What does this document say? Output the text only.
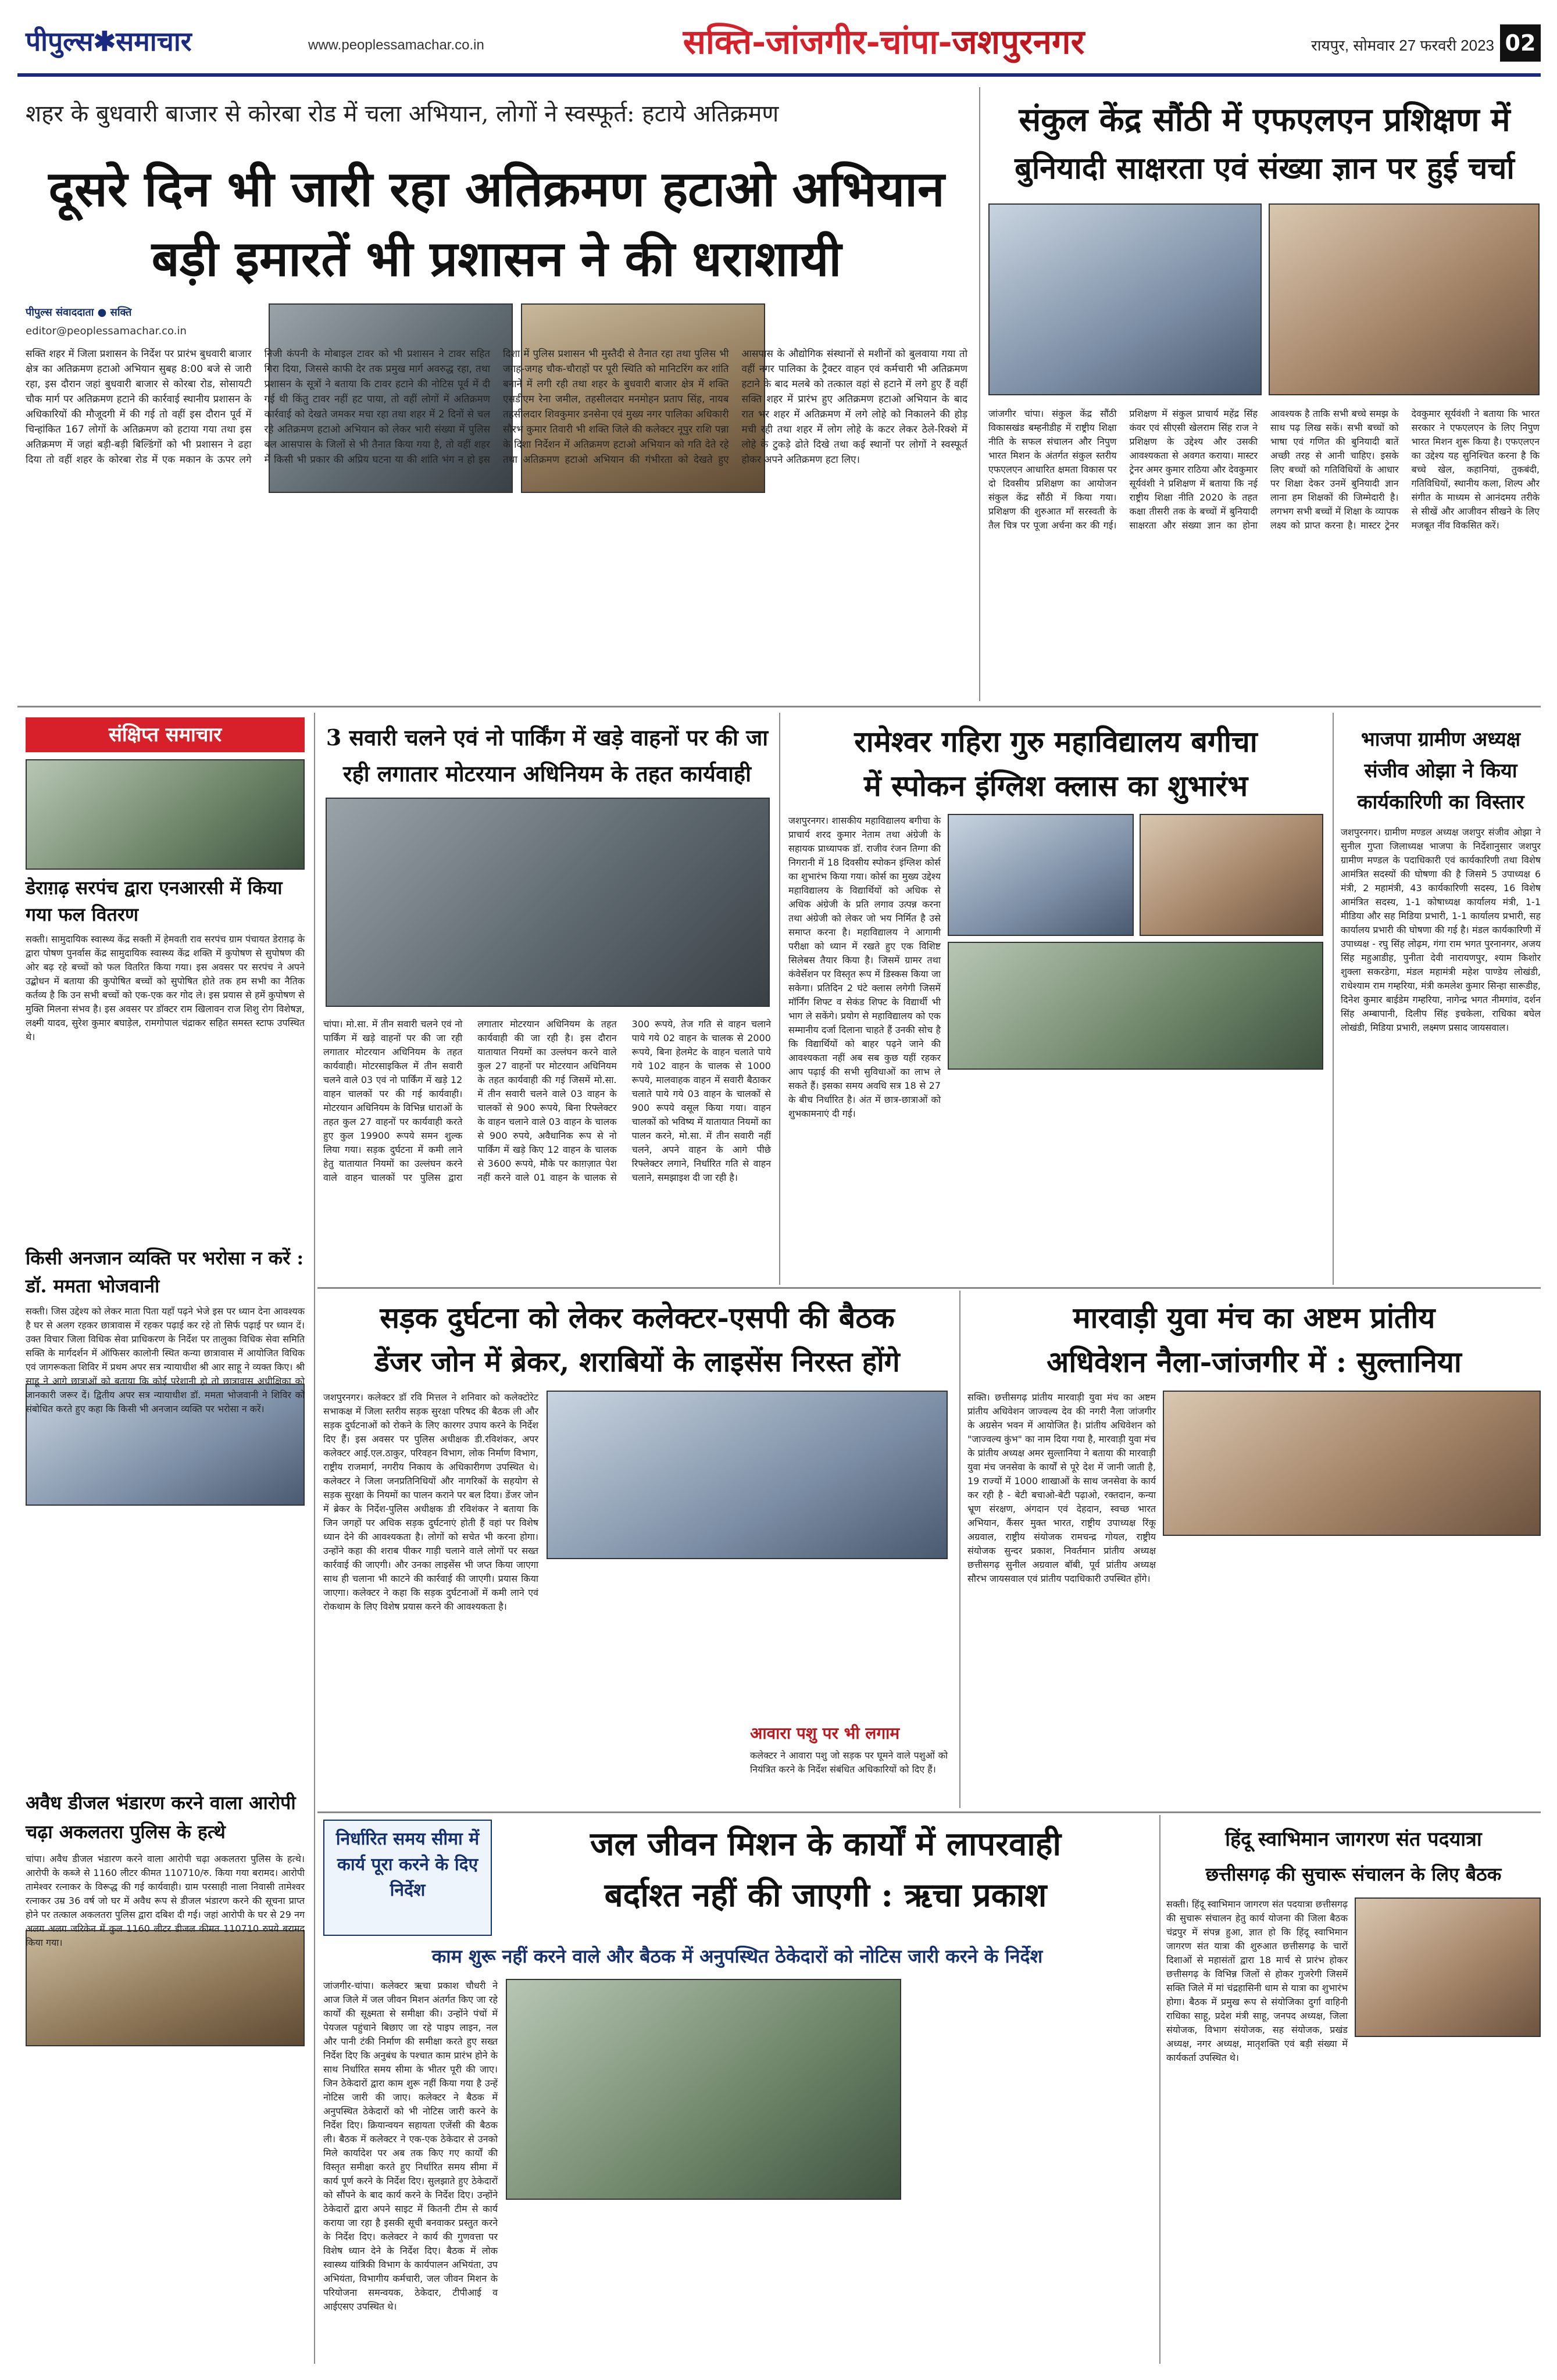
पीपुल्स✱समाचार	www.peoplessamachar.co.in	सक्ति-जांजगीर-चांपा-जशपुरनगर	रायपुर, सोमवार 27 फरवरी 2023 02
शहर के बुधवारी बाजार से कोरबा रोड में चला अभियान, लोगों ने स्वस्फूर्त: हटाये अतिक्रमण
दूसरे दिन भी जारी रहा अतिक्रमण हटाओ अभियान
बड़ी इमारतें भी प्रशासन ने की धराशायी
पीपुल्स संवाददाता ● सक्ति
editor@peoplessamachar.co.in
सक्ति शहर में जिला प्रशासन के निर्देश पर प्रारंभ बुधवारी बाजार क्षेत्र का अतिक्रमण हटाओ अभियान सुबह 8:00 बजे से जारी रहा, इस दौरान जहां बुधवारी बाजार से कोरबा रोड, सोसायटी चौक मार्ग पर अतिक्रमण हटाने की कार्रवाई स्थानीय प्रशासन के अधिकारियों की मौजूदगी में की गई तो वहीं इस दौरान पूर्व में चिन्हांकित 167 लोगों के अतिक्रमण को हटाया गया तथा इस अतिक्रमण में जहां बड़ी-बड़ी बिल्डिंगों को भी प्रशासन ने ढहा दिया तो वहीं शहर के कोरबा रोड में एक मकान के ऊपर लगे निजी कंपनी के मोबाइल टावर को भी प्रशासन ने टावर सहित गिरा दिया, जिससे काफी देर तक प्रमुख मार्ग अवरुद्ध रहा, तथा प्रशासन के सूत्रों ने बताया कि टावर हटाने की नोटिस पूर्व में दी गई थी किंतु टावर नहीं हट पाया, तो वहीं लोगों में अतिक्रमण कार्रवाई को देखते जमकर मचा रहा तथा शहर में 2 दिनों से चल रहे अतिक्रमण हटाओ अभियान को लेकर भारी संख्या में पुलिस बल आसपास के जिलों से भी तैनात किया गया है, तो वहीं शहर में किसी भी प्रकार की अप्रिय घटना या की शांति भंग न हो इस दिशा में पुलिस प्रशासन भी मुस्तैदी से तैनात रहा तथा पुलिस भी जगह-जगह चौक-चौराहों पर पूरी स्थिति को मानिटरिंग कर शांति बनाने में लगी रही तथा शहर के बुधवारी बाजार क्षेत्र में शक्ति एसडीएम रेना जमील, तहसीलदार मनमोहन प्रताप सिंह, नायब तहसीलदार शिवकुमार डनसेना एवं मुख्य नगर पालिका अधिकारी सौरभ कुमार तिवारी भी शक्ति जिले की कलेक्टर नूपुर राशि पन्ना के दिशा निर्देशन में अतिक्रमण हटाओ अभियान को गति देते रहे तथा अतिक्रमण हटाओ अभियान की गंभीरता को देखते हुए आसपास के औद्योगिक संस्थानों से मशीनों को बुलवाया गया तो वहीं नगर पालिका के ट्रैक्टर वाहन एवं कर्मचारी भी अतिक्रमण हटाने के बाद मलबे को तत्काल वहां से हटाने में लगे हुए हैं वहीं सक्ति शहर में प्रारंभ हुए अतिक्रमण हटाओ अभियान के बाद रात भर शहर में अतिक्रमण में लगे लोहे को निकालने की होड़ मची रही तथा शहर में लोग लोहे के कटर लेकर ठेले-रिक्शे में लोहे के टुकड़े ढोते दिखे तथा कई स्थानों पर लोगों ने स्वस्फूर्त होकर अपने अतिक्रमण हटा लिए।
संकुल केंद्र सौंठी में एफएलएन प्रशिक्षण में
बुनियादी साक्षरता एवं संख्या ज्ञान पर हुई चर्चा
जांजगीर चांपा। संकुल केंद्र सौंठी विकासखंड बम्हनीडीह में राष्ट्रीय शिक्षा नीति के सफल संचालन और निपुण भारत मिशन के अंतर्गत संकुल स्तरीय एफएलएन आधारित क्षमता विकास पर दो दिवसीय प्रशिक्षण का आयोजन संकुल केंद्र सौंठी में किया गया। प्रशिक्षण की शुरुआत माँ सरस्वती के तैल चित्र पर पूजा अर्चना कर की गई। प्रशिक्षण में संकुल प्राचार्य महेंद्र सिंह कंवर एवं सीएसी खेलराम सिंह राज ने प्रशिक्षण के उद्देश्य और उसकी आवश्यकता से अवगत कराया। मास्टर ट्रेनर अमर कुमार राठिया और देवकुमार सूर्यवंशी ने प्रशिक्षण में बताया कि नई राष्ट्रीय शिक्षा नीति 2020 के तहत कक्षा तीसरी तक के बच्चों में बुनियादी साक्षरता और संख्या ज्ञान का होना आवश्यक है ताकि सभी बच्चे समझ के साथ पढ़ लिख सकें। सभी बच्चों को भाषा एवं गणित की बुनियादी बातें अच्छी तरह से आनी चाहिए। इसके लिए बच्चों को गतिविधियों के आधार पर शिक्षा देकर उनमें बुनियादी ज्ञान लाना हम शिक्षकों की जिम्मेदारी है। लगभग सभी बच्चों में शिक्षा के व्यापक लक्ष्य को प्राप्त करना है। मास्टर ट्रेनर देवकुमार सूर्यवंशी ने बताया कि भारत सरकार ने एफएलएन के लिए निपुण भारत मिशन शुरू किया है। एफएलएन का उद्देश्य यह सुनिश्चित करना है कि बच्चे खेल, कहानियां, तुकबंदी, गतिविधियों, स्थानीय कला, शिल्प और संगीत के माध्यम से आनंदमय तरीके से सीखें और आजीवन सीखने के लिए मजबूत नींव विकसित करें।
संक्षिप्त समाचार
डेराग़ढ़ सरपंच द्वारा एनआरसी में किया गया फल वितरण
सक्ती। सामुदायिक स्वास्थ्य केंद्र सक्ती में हेमवती राव सरपंच ग्राम पंचायत डेराग़ढ़ के द्वारा पोषण पुनर्वास केंद्र सामुदायिक स्वास्थ्य केंद्र शक्ति में कुपोषण से सुपोषण की ओर बढ़ रहे बच्चों को फल वितरित किया गया। इस अवसर पर सरपंच ने अपने उद्बोधन में बताया की कुपोषित बच्चों को सुपोषित होते तक हम सभी का नैतिक कर्तव्य है कि उन सभी बच्चों को एक-एक कर गोद ले। इस प्रयास से हमें कुपोषण से मुक्ति मिलना संभव है। इस अवसर पर डॉक्टर राम खिलावन राज शिशु रोग विशेषज्ञ, लक्ष्मी यादव, सुरेश कुमार बघाड़ेल, रामगोपाल चंद्राकर सहित समस्त स्टाफ उपस्थित थे।
किसी अनजान व्यक्ति पर भरोसा न करें : डॉ. ममता भोजवानी
सक्ती। जिस उद्देश्य को लेकर माता पिता यहाँ पढ़ने भेजे इस पर ध्यान देना आवश्यक है घर से अलग रहकर छात्रावास में रहकर पढ़ाई कर रहे तो सिर्फ पढ़ाई पर ध्यान दें। उक्त विचार जिला विधिक सेवा प्राधिकरण के निर्देश पर तालुका विधिक सेवा समिति सक्ति के मार्गदर्शन में ऑफिसर कालोनी स्थित कन्या छात्रावास में आयोजित विधिक एवं जागरूकता शिविर में प्रथम अपर सत्र न्यायाधीश श्री आर साहू ने व्यक्त किए। श्री साहू ने आगे छात्राओं को बताया कि कोई परेशानी हो तो छात्रावास अधीक्षिका को जानकारी जरूर दें। द्वितीय अपर सत्र न्यायाधीश डॉ. ममता भोजवानी ने शिविर को संबोधित करते हुए कहा कि किसी भी अनजान व्यक्ति पर भरोसा न करें।
अवैध डीजल भंडारण करने वाला आरोपी चढ़ा अकलतरा पुलिस के हत्थे
चांपा। अवैध डीजल भंडारण करने वाला आरोपी चढ़ा अकलतरा पुलिस के हत्थे। आरोपी के कब्जे से 1160 लीटर कीमत 110710/रु. किया गया बरामद। आरोपी तामेश्वर रत्नाकर के विरूद्ध की गई कार्यवाही। ग्राम परसाही नाला निवासी तामेश्वर रत्नाकर उम्र 36 वर्ष जो घर में अवैध रूप से डीजल भंडारण करने की सूचना प्राप्त होने पर तत्काल अकलतरा पुलिस द्वारा दबिश दी गई। जहां आरोपी के घर से 29 नग अलग अलग जरिकेन में कुल 1160 लीटर डीजल कीमत 110710 रुपये बरामद किया गया।
3 सवारी चलने एवं नो पार्किंग में खड़े वाहनों पर की जा
रही लगातार मोटरयान अधिनियम के तहत कार्यवाही
चांपा। मो.सा. में तीन सवारी चलने एवं नो पार्किंग में खड़े वाहनों पर की जा रही लगातार मोटरयान अधिनियम के तहत कार्यवाही। मोटरसाइकिल में तीन सवारी चलने वाले 03 एवं नो पार्किंग में खड़े 12 वाहन चालकों पर की गई कार्यवाही। मोटरयान अधिनियम के विभिन्न धाराओं के तहत कुल 27 वाहनों पर कार्यवाही करते हुए कुल 19900 रूपये समन शुल्क लिया गया। सड़क दुर्घटना में कमी लाने हेतु यातायात नियमों का उल्लंघन करने वाले वाहन चालकों पर पुलिस द्वारा लगातार मोटरयान अधिनियम के तहत कार्यवाही की जा रही है। इस दौरान यातायात नियमों का उल्लंघन करने वाले कुल 27 वाहनों पर मोटरयान अधिनियम के तहत कार्यवाही की गई जिसमें मो.सा. में तीन सवारी चलने वाले 03 वाहन के चालकों से 900 रूपये, बिना रिफ्लेक्टर के वाहन चलाने वाले 03 वाहन के चालक से 900 रुपये, अवैधानिक रूप से नो पार्किंग में खड़े किए 12 वाहन के चालक से 3600 रूपये, मौके पर काग़ज़ात पेश नहीं करने वाले 01 वाहन के चालक से 300 रूपये, तेज गति से वाहन चलाने पाये गये 02 वाहन के चालक से 2000 रूपये, बिना हेलमेट के वाहन चलाते पाये गये 102 वाहन के चालक से 1000 रूपये, मालवाहक वाहन में सवारी बैठाकर चलाते पाये गये 03 वाहन के चालकों से 900 रूपये वसूल किया गया। वाहन चालकों को भविष्य में यातायात नियमों का पालन करने, मो.सा. में तीन सवारी नहीं चलने, अपने वाहन के आगे पीछे रिफ्लेक्टर लगाने, निर्धारित गति से वाहन चलाने, समझाइश दी जा रही है।
रामेश्वर गहिरा गुरु महाविद्यालय बगीचा
में स्पोकन इंग्लिश क्लास का शुभारंभ
जशपुरनगर। शासकीय महाविद्यालय बगीचा के प्राचार्य शरद कुमार नेताम तथा अंग्रेजी के सहायक प्राध्यापक डॉ. राजीव रंजन तिग्गा की निगरानी में 18 दिवसीय स्पोकन इंग्लिश कोर्स का शुभारंभ किया गया। कोर्स का मुख्य उद्देश्य महाविद्यालय के विद्यार्थियों को अधिक से अधिक अंग्रेजी के प्रति लगाव उत्पन्न करना तथा अंग्रेजी को लेकर जो भय निर्मित है उसे समाप्त करना है। महाविद्यालय ने आगामी परीक्षा को ध्यान में रखते हुए एक विशिष्ट सिलेबस तैयार किया है। जिसमें ग्रामर तथा कंवेर्सेशन पर विस्तृत रूप में डिस्कस किया जा सकेगा। प्रतिदिन 2 घंटे क्लास लगेगी जिसमें मॉर्निंग शिफ्ट व सेकंड शिफ्ट के विद्यार्थी भी भाग ले सकेंगे। प्रयोग से महाविद्यालय को एक सम्मानीय दर्जा दिलाना चाहते हैं उनकी सोच है कि विद्यार्थियों को बाहर पढ़ने जाने की आवश्यकता नहीं अब सब कुछ यहीं रहकर आप पढ़ाई की सभी सुविधाओं का लाभ ले सकते हैं। इसका समय अवधि सत्र 18 से 27 के बीच निर्धारित है। अंत में छात्र-छात्राओं को शुभकामनाएं दी गई।
भाजपा ग्रामीण अध्यक्ष
संजीव ओझा ने किया
कार्यकारिणी का विस्तार
जशपुरनगर। ग्रामीण मण्डल अध्यक्ष जशपुर संजीव ओझा ने सुनील गुप्ता जिलाध्यक्ष भाजपा के निर्देशानुसार जशपुर ग्रामीण मण्डल के पदाधिकारी एवं कार्यकारिणी तथा विशेष आमंत्रित सदस्यों की घोषणा की है जिसमे 5 उपाध्यक्ष 6 मंत्री, 2 महामंत्री, 43 कार्यकारिणी सदस्य, 16 विशेष आमंत्रित सदस्य, 1-1 कोषाध्यक्ष कार्यालय मंत्री, 1-1 मीडिया और सह मिडिया प्रभारी, 1-1 कार्यालय प्रभारी, सह कार्यालय प्रभारी की घोषणा की गई है। मंडल कार्यकारिणी में उपाध्यक्ष - रघु सिंह लोढ़म, गंगा राम भगत पुरनानगर, अजय सिंह महुआडीह, पुनीता देवी नारायणपुर, श्याम किशोर शुक्ला सकरडेगा, मंडल महामंत्री महेश पाण्डेय लोखंडी, राधेश्याम राम गम्हरिया, मंत्री कमलेश कुमार सिन्हा सारूडीह, दिनेश कुमार बाईडेम गम्हरिया, नागेन्द्र भगत नीमगांव, दर्शन सिंह अम्बापानी, दिलीप सिंह इचकेला, राधिका बघेल लोखंडी, मिडिया प्रभारी, लक्ष्मण प्रसाद जायसवाल।
सड़क दुर्घटना को लेकर कलेक्टर-एसपी की बैठक
डेंजर जोन में ब्रेकर, शराबियों के लाइसेंस निरस्त होंगे
जशपुरनगर। कलेक्टर डॉ रवि मित्तल ने शनिवार को कलेक्टोरेट सभाकक्ष में जिला स्तरीय सड़क सुरक्षा परिषद की बैठक ली और सड़क दुर्घटनाओं को रोकने के लिए कारगर उपाय करने के निर्देश दिए हैं। इस अवसर पर पुलिस अधीक्षक डी.रविशंकर, अपर कलेक्टर आई.एल.ठाकुर, परिवहन विभाग, लोक निर्माण विभाग, राष्ट्रीय राजमार्ग, नगरीय निकाय के अधिकारीगण उपस्थित थे। कलेक्टर ने जिला जनप्रतिनिधियों और नागरिकों के सहयोग से सड़क सुरक्षा के नियमों का पालन कराने पर बल दिया। डेंजर जोन में ब्रेकर के निर्देश-पुलिस अधीक्षक डी रविशंकर ने बताया कि जिन जगहों पर अधिक सड़क दुर्घटनाएं होती हैं वहां पर विशेष ध्यान देने की आवश्यकता है। लोगों को सचेत भी करना होगा। उन्होंने कहा की शराब पीकर गाड़ी चलाने वाले लोगों पर सख्त कार्रवाई की जाएगी। और उनका लाइसेंस भी जप्त किया जाएगा साथ ही चलाना भी काटने की कार्रवाई की जाएगी। प्रयास किया जाएगा। कलेक्टर ने कहा कि सड़क दुर्घटनाओं में कमी लाने एवं रोकथाम के लिए विशेष प्रयास करने की आवश्यकता है।
आवारा पशु पर भी लगाम
कलेक्टर ने आवारा पशु जो सड़क पर घूमने वाले पशुओं को नियंत्रित करने के निर्देश संबंधित अधिकारियों को दिए हैं।
मारवाड़ी युवा मंच का अष्टम प्रांतीय
अधिवेशन नैला-जांजगीर में : सुल्तानिया
सक्ति। छत्तीसगढ़ प्रांतीय मारवाड़ी युवा मंच का अष्टम प्रांतीय अधिवेशन जाज्वल्य देव की नगरी नैला जांजगीर के अग्रसेन भवन में आयोजित है। प्रांतीय अधिवेशन को "जाज्वल्य कुंभ" का नाम दिया गया है, मारवाड़ी युवा मंच के प्रांतीय अध्यक्ष अमर सुल्तानिया ने बताया की मारवाड़ी युवा मंच जनसेवा के कार्यों से पूरे देश में जानी जाती है, 19 राज्यों में 1000 शाखाओं के साथ जनसेवा के कार्य कर रही है - बेटी बचाओ-बेटी पढ़ाओ, रक्तदान, कन्या भ्रूण संरक्षण, अंगदान एवं देहदान, स्वच्छ भारत अभियान, कैंसर मुक्त भारत, राष्ट्रीय उपाध्यक्ष रिंकू अग्रवाल, राष्ट्रीय संयोजक रामचन्द्र गोयल, राष्ट्रीय संयोजक सुन्दर प्रकाश, निवर्तमान प्रांतीय अध्यक्ष छत्तीसगढ़ सुनील अग्रवाल बॉबी, पूर्व प्रांतीय अध्यक्ष सौरभ जायसवाल एवं प्रांतीय पदाधिकारी उपस्थित होंगे।
निर्धारित समय सीमा में कार्य पूरा करने के दिए निर्देश
जल जीवन मिशन के कार्यों में लापरवाही
बर्दाश्त नहीं की जाएगी : ऋचा प्रकाश
काम शुरू नहीं करने वाले और बैठक में अनुपस्थित ठेकेदारों को नोटिस जारी करने के निर्देश
जांजगीर-चांपा। कलेक्टर ऋचा प्रकाश चौधरी ने आज जिले में जल जीवन मिशन अंतर्गत किए जा रहे कार्यों की सूक्ष्मता से समीक्षा की। उन्होंने पंचों में पेयजल पहुंचाने बिछाए जा रहे पाइप लाइन, नल और पानी टंकी निर्माण की समीक्षा करते हुए सख्त निर्देश दिए कि अनुबंध के पश्चात काम प्रारंभ होने के साथ निर्धारित समय सीमा के भीतर पूरी की जाए। जिन ठेकेदारों द्वारा काम शुरू नहीं किया गया है उन्हें नोटिस जारी की जाए। कलेक्टर ने बैठक में अनुपस्थित ठेकेदारों को भी नोटिस जारी करने के निर्देश दिए। क्रियान्वयन सहायता एजेंसी की बैठक ली। बैठक में कलेक्टर ने एक-एक ठेकेदार से उनको मिले कार्यादेश पर अब तक किए गए कार्यों की विस्तृत समीक्षा करते हुए निर्धारित समय सीमा में कार्य पूर्ण करने के निर्देश दिए। सुलझाते हुए ठेकेदारों को सौंपने के बाद कार्य करने के निर्देश दिए। उन्होंने ठेकेदारों द्वारा अपने साइट में कितनी टीम से कार्य कराया जा रहा है इसकी सूची बनवाकर प्रस्तुत करने के निर्देश दिए। कलेक्टर ने कार्य की गुणवत्ता पर विशेष ध्यान देने के निर्देश दिए। बैठक में लोक स्वास्थ्य यांत्रिकी विभाग के कार्यपालन अभियंता, उप अभियंता, विभागीय कर्मचारी, जल जीवन मिशन के परियोजना समन्वयक, ठेकेदार, टीपीआई व आईएसए उपस्थित थे।
हिंदू स्वाभिमान जागरण संत पदयात्रा
छत्तीसगढ़ की सुचारू संचालन के लिए बैठक
सक्ती। हिंदू स्वाभिमान जागरण संत पदयात्रा छत्तीसगढ़ की सुचारू संचालन हेतु कार्य योजना की जिला बैठक चंद्रपुर में संपन्न हुआ, ज्ञात हो कि हिंदू स्वाभिमान जागरण संत यात्रा की शुरुआत छत्तीसगढ़ के चारों दिशाओं से महासंतों द्वारा 18 मार्च से प्रारंभ होकर छत्तीसगढ़ के विभिन्न जिलों से होकर गुजरेगी जिसमें सक्ति जिले में मां चंद्रहासिनी धाम से यात्रा का शुभारंभ होगा। बैठक में प्रमुख रूप से संयोजिका दुर्गा वाहिनी राधिका साहू, प्रदेश मंत्री साहू, जनपद अध्यक्ष, जिला संयोजक, विभाग संयोजक, सह संयोजक, प्रखंड अध्यक्ष, नगर अध्यक्ष, मातृशक्ति एवं बड़ी संख्या में कार्यकर्ता उपस्थित थे।
